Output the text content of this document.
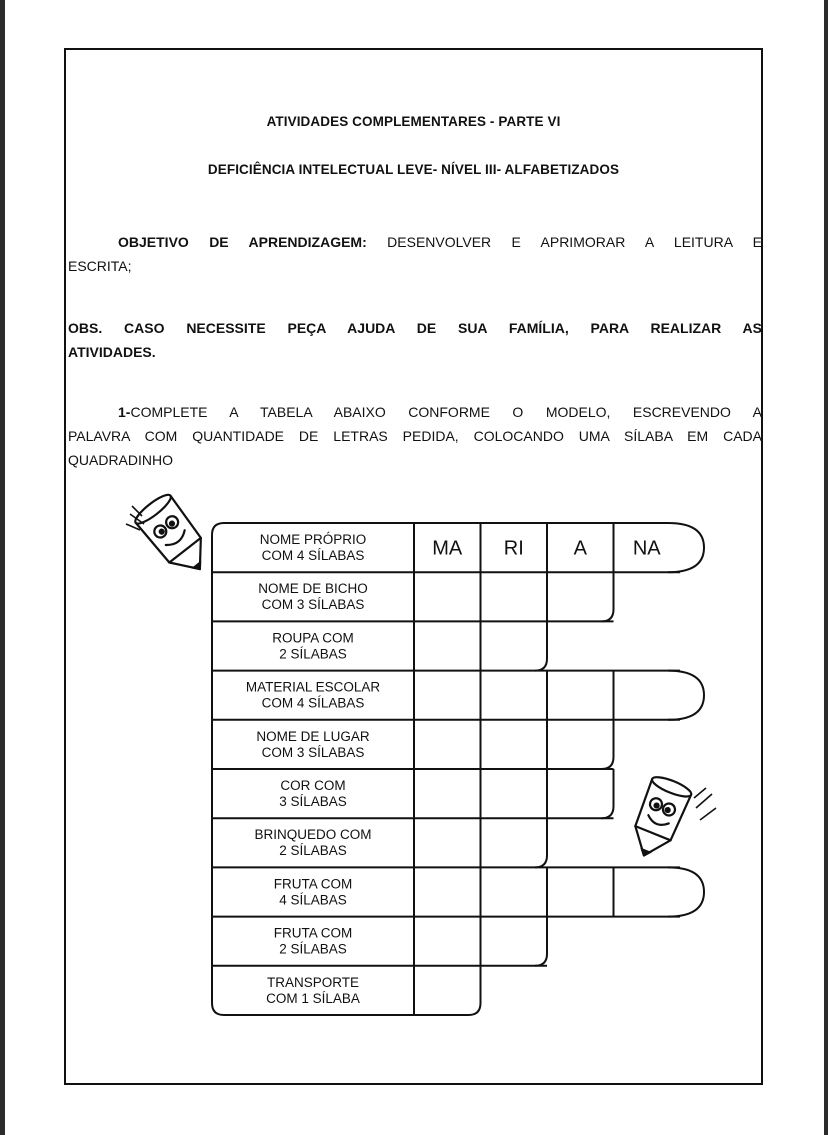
ATIVIDADES COMPLEMENTARES - PARTE VI
DEFICIÊNCIA INTELECTUAL LEVE- NÍVEL III- ALFABETIZADOS
OBJETIVO DE APRENDIZAGEM: DESENVOLVER E APRIMORAR A LEITURA E
ESCRITA;
OBS. CASO NECESSITE PEÇA AJUDA DE SUA FAMÍLIA, PARA REALIZAR AS
ATIVIDADES.
1-COMPLETE A TABELA ABAIXO CONFORME O MODELO, ESCREVENDO A
PALAVRA COM QUANTIDADE DE LETRAS PEDIDA, COLOCANDO UMA SÍLABA EM CADA
QUADRADINHO
NOME PRÓPRIO
COM 4 SÍLABAS	MA RI A NA
NOME DE BICHO
COM 3 SÍLABAS
ROUPA COM
2 SÍLABAS
MATERIAL ESCOLAR
COM 4 SÍLABAS
NOME DE LUGAR
COM 3 SÍLABAS
COR COM
3 SÍLABAS
BRINQUEDO COM
2 SÍLABAS
FRUTA COM
4 SÍLABAS
FRUTA COM
2 SÍLABAS
TRANSPORTE
COM 1 SÍLABA
